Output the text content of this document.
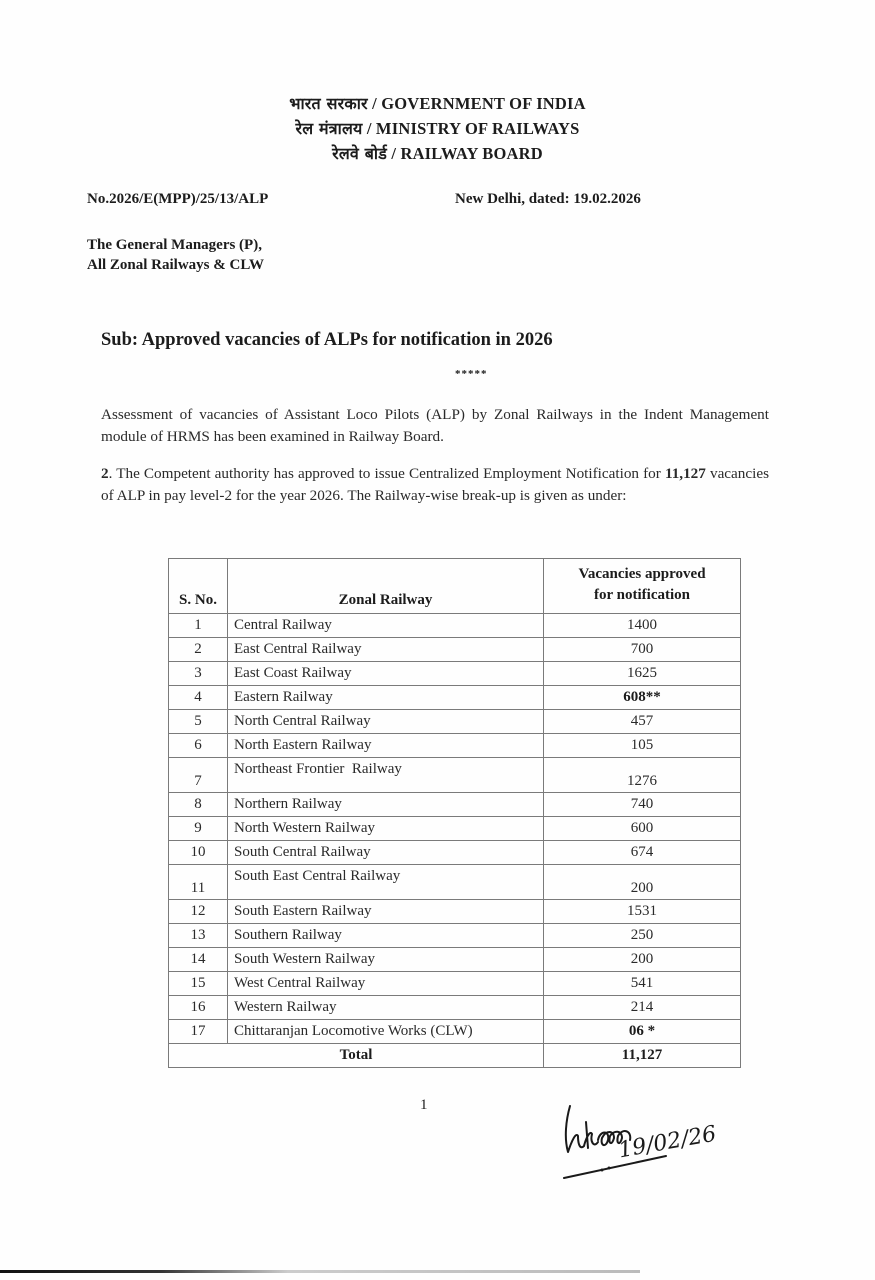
भारत सरकार / GOVERNMENT OF INDIA
रेल मंत्रालय / MINISTRY OF RAILWAYS
रेलवे बोर्ड / RAILWAY BOARD
No.2026/E(MPP)/25/13/ALP	New Delhi, dated: 19.02.2026
The General Managers (P),
All Zonal Railways & CLW
Sub: Approved vacancies of ALPs for notification in 2026
*****
Assessment of vacancies of Assistant Loco Pilots (ALP) by Zonal Railways in the Indent Management module of HRMS has been examined in Railway Board.
2. The Competent authority has approved to issue Centralized Employment Notification for 11,127 vacancies of ALP in pay level-2 for the year 2026. The Railway-wise break-up is given as under:
S. No.	Zonal Railway	Vacancies approved
for notification

1	Central Railway	1400
2	East Central Railway	700
3	East Coast Railway	1625
4	Eastern Railway	608**
5	North Central Railway	457
6	North Eastern Railway	105
7	Northeast Frontier  Railway	1276
8	Northern Railway	740
9	North Western Railway	600
10	South Central Railway	674
11	South East Central Railway	200
12	South Eastern Railway	1531
13	Southern Railway	250
14	South Western Railway	200
15	West Central Railway	541
16	Western Railway	214
17	Chittaranjan Locomotive Works (CLW)	06 *
Total		11,127
1
19/02/26
